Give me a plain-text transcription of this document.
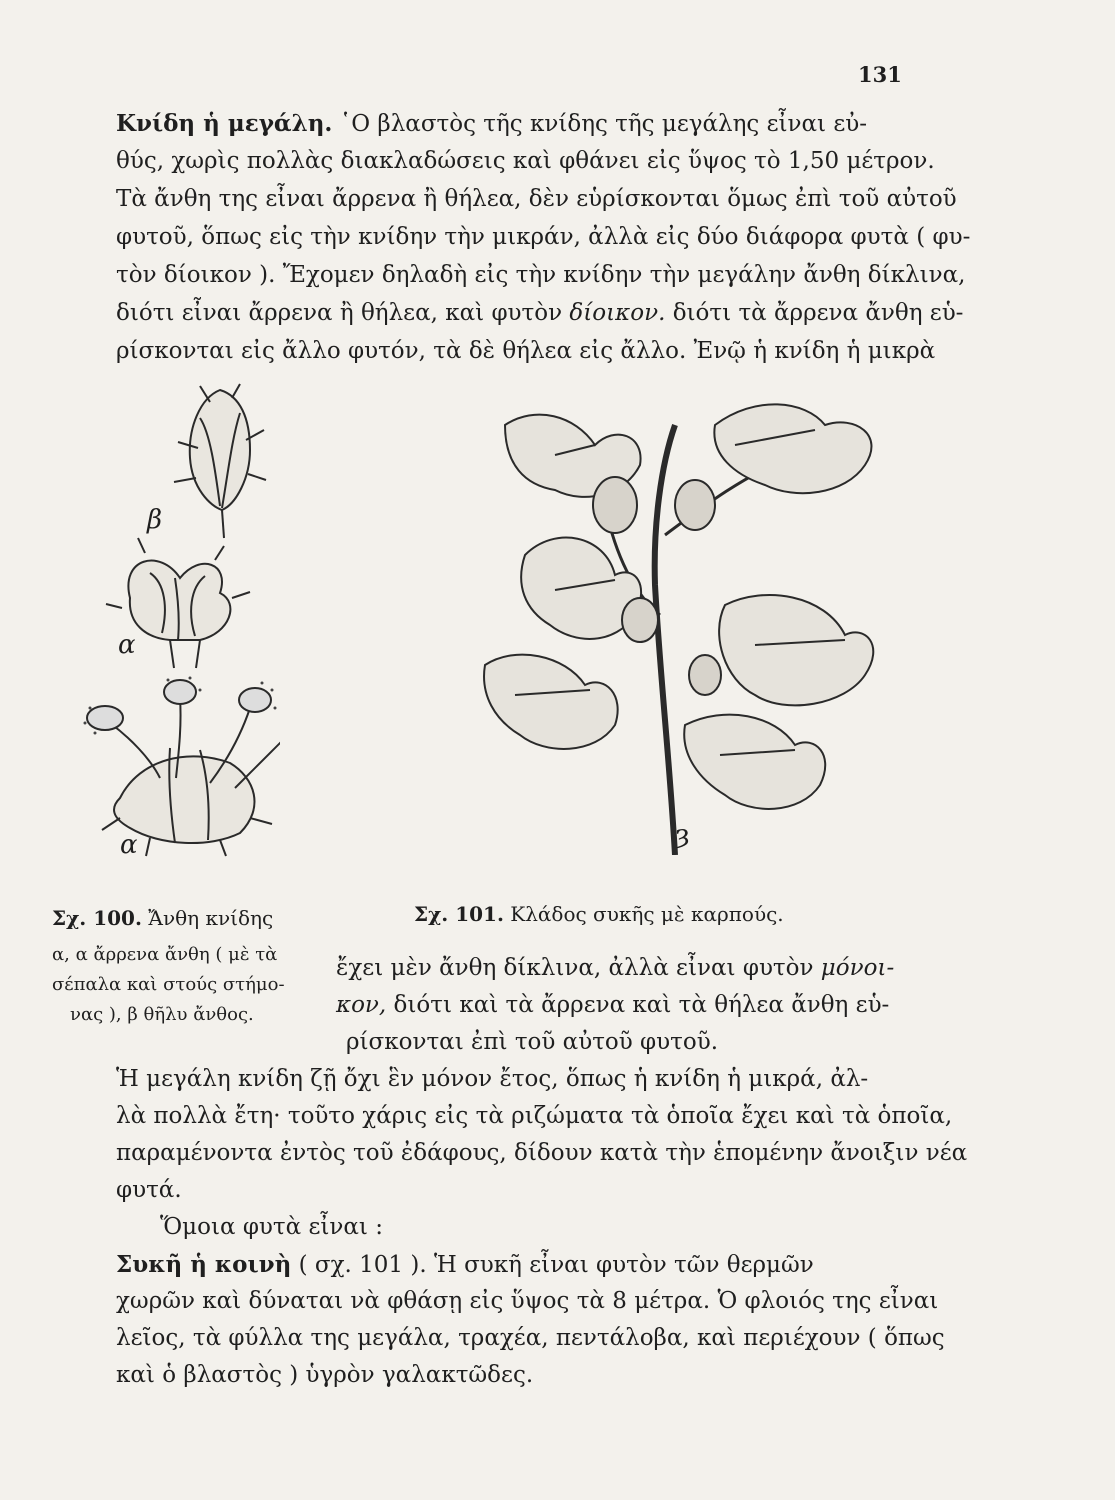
131
Κνίδη ἡ μεγάλη. ῾Ο βλαστὸς τῆς κνίδης τῆς μεγάλης εἶναι εὐ-
θύς, χωρὶς πολλὰς διακλαδώσεις καὶ φθάνει εἰς ὕψος τὸ 1,50 μέτρον.
Τὰ ἄνθη της εἶναι ἄρρενα ἢ θήλεα, δὲν εὑρίσκονται ὅμως ἐπὶ τοῦ αὐτοῦ
φυτοῦ, ὅπως εἰς τὴν κνίδην τὴν μικράν, ἀλλὰ εἰς δύο διάφορα φυτὰ ( φυ-
τὸν δίοικον ). Ἔχομεν δηλαδὴ εἰς τὴν κνίδην τὴν μεγάλην ἄνθη δίκλινα,
διότι εἶναι ἄρρενα ἢ θήλεα, καὶ φυτὸν δίοικον. διότι τὰ ἄρρενα ἄνθη εὑ-
ρίσκονται εἰς ἄλλο φυτόν, τὰ δὲ θήλεα εἰς ἄλλο. Ἐνῷ ἡ κνίδη ἡ μικρὰ
β
α
α	ȝ
Σχ. 100. Ἄνθη κνίδης
α, α ἄρρενα ἄνθη ( μὲ τὰ
σέπαλα καὶ στούς στήμο-
νας ), β θῆλυ ἄνθος.
Σχ. 101. Κλάδος συκῆς μὲ καρπούς.
ἔχει μὲν ἄνθη δίκλινα, ἀλλὰ εἶναι φυτὸν μόνοι-
κον, διότι καὶ τὰ ἄρρενα καὶ τὰ θήλεα ἄνθη εὑ-
ρίσκονται ἐπὶ τοῦ αὐτοῦ φυτοῦ.
Ἡ μεγάλη κνίδη ζῇ ὄχι ἓν μόνον ἔτος, ὅπως ἡ κνίδη ἡ μικρά, ἀλ-
λὰ πολλὰ ἔτη· τοῦτο χάρις εἰς τὰ ριζώματα τὰ ὁποῖα ἔχει καὶ τὰ ὁποῖα,
παραμένοντα ἐντὸς τοῦ ἐδάφους, δίδουν κατὰ τὴν ἑπομένην ἄνοιξιν νέα
φυτά.
Ὅμοια φυτὰ εἶναι :
Συκῆ ἡ κοινὴ ( σχ. 101 ). Ἡ συκῆ εἶναι φυτὸν τῶν θερμῶν
χωρῶν καὶ δύναται νὰ φθάσῃ εἰς ὕψος τὰ 8 μέτρα. Ὁ φλοιός της εἶναι
λεῖος, τὰ φύλλα της μεγάλα, τραχέα, πεντάλοβα, καὶ περιέχουν ( ὅπως
καὶ ὁ βλαστὸς ) ὑγρὸν γαλακτῶδες.
